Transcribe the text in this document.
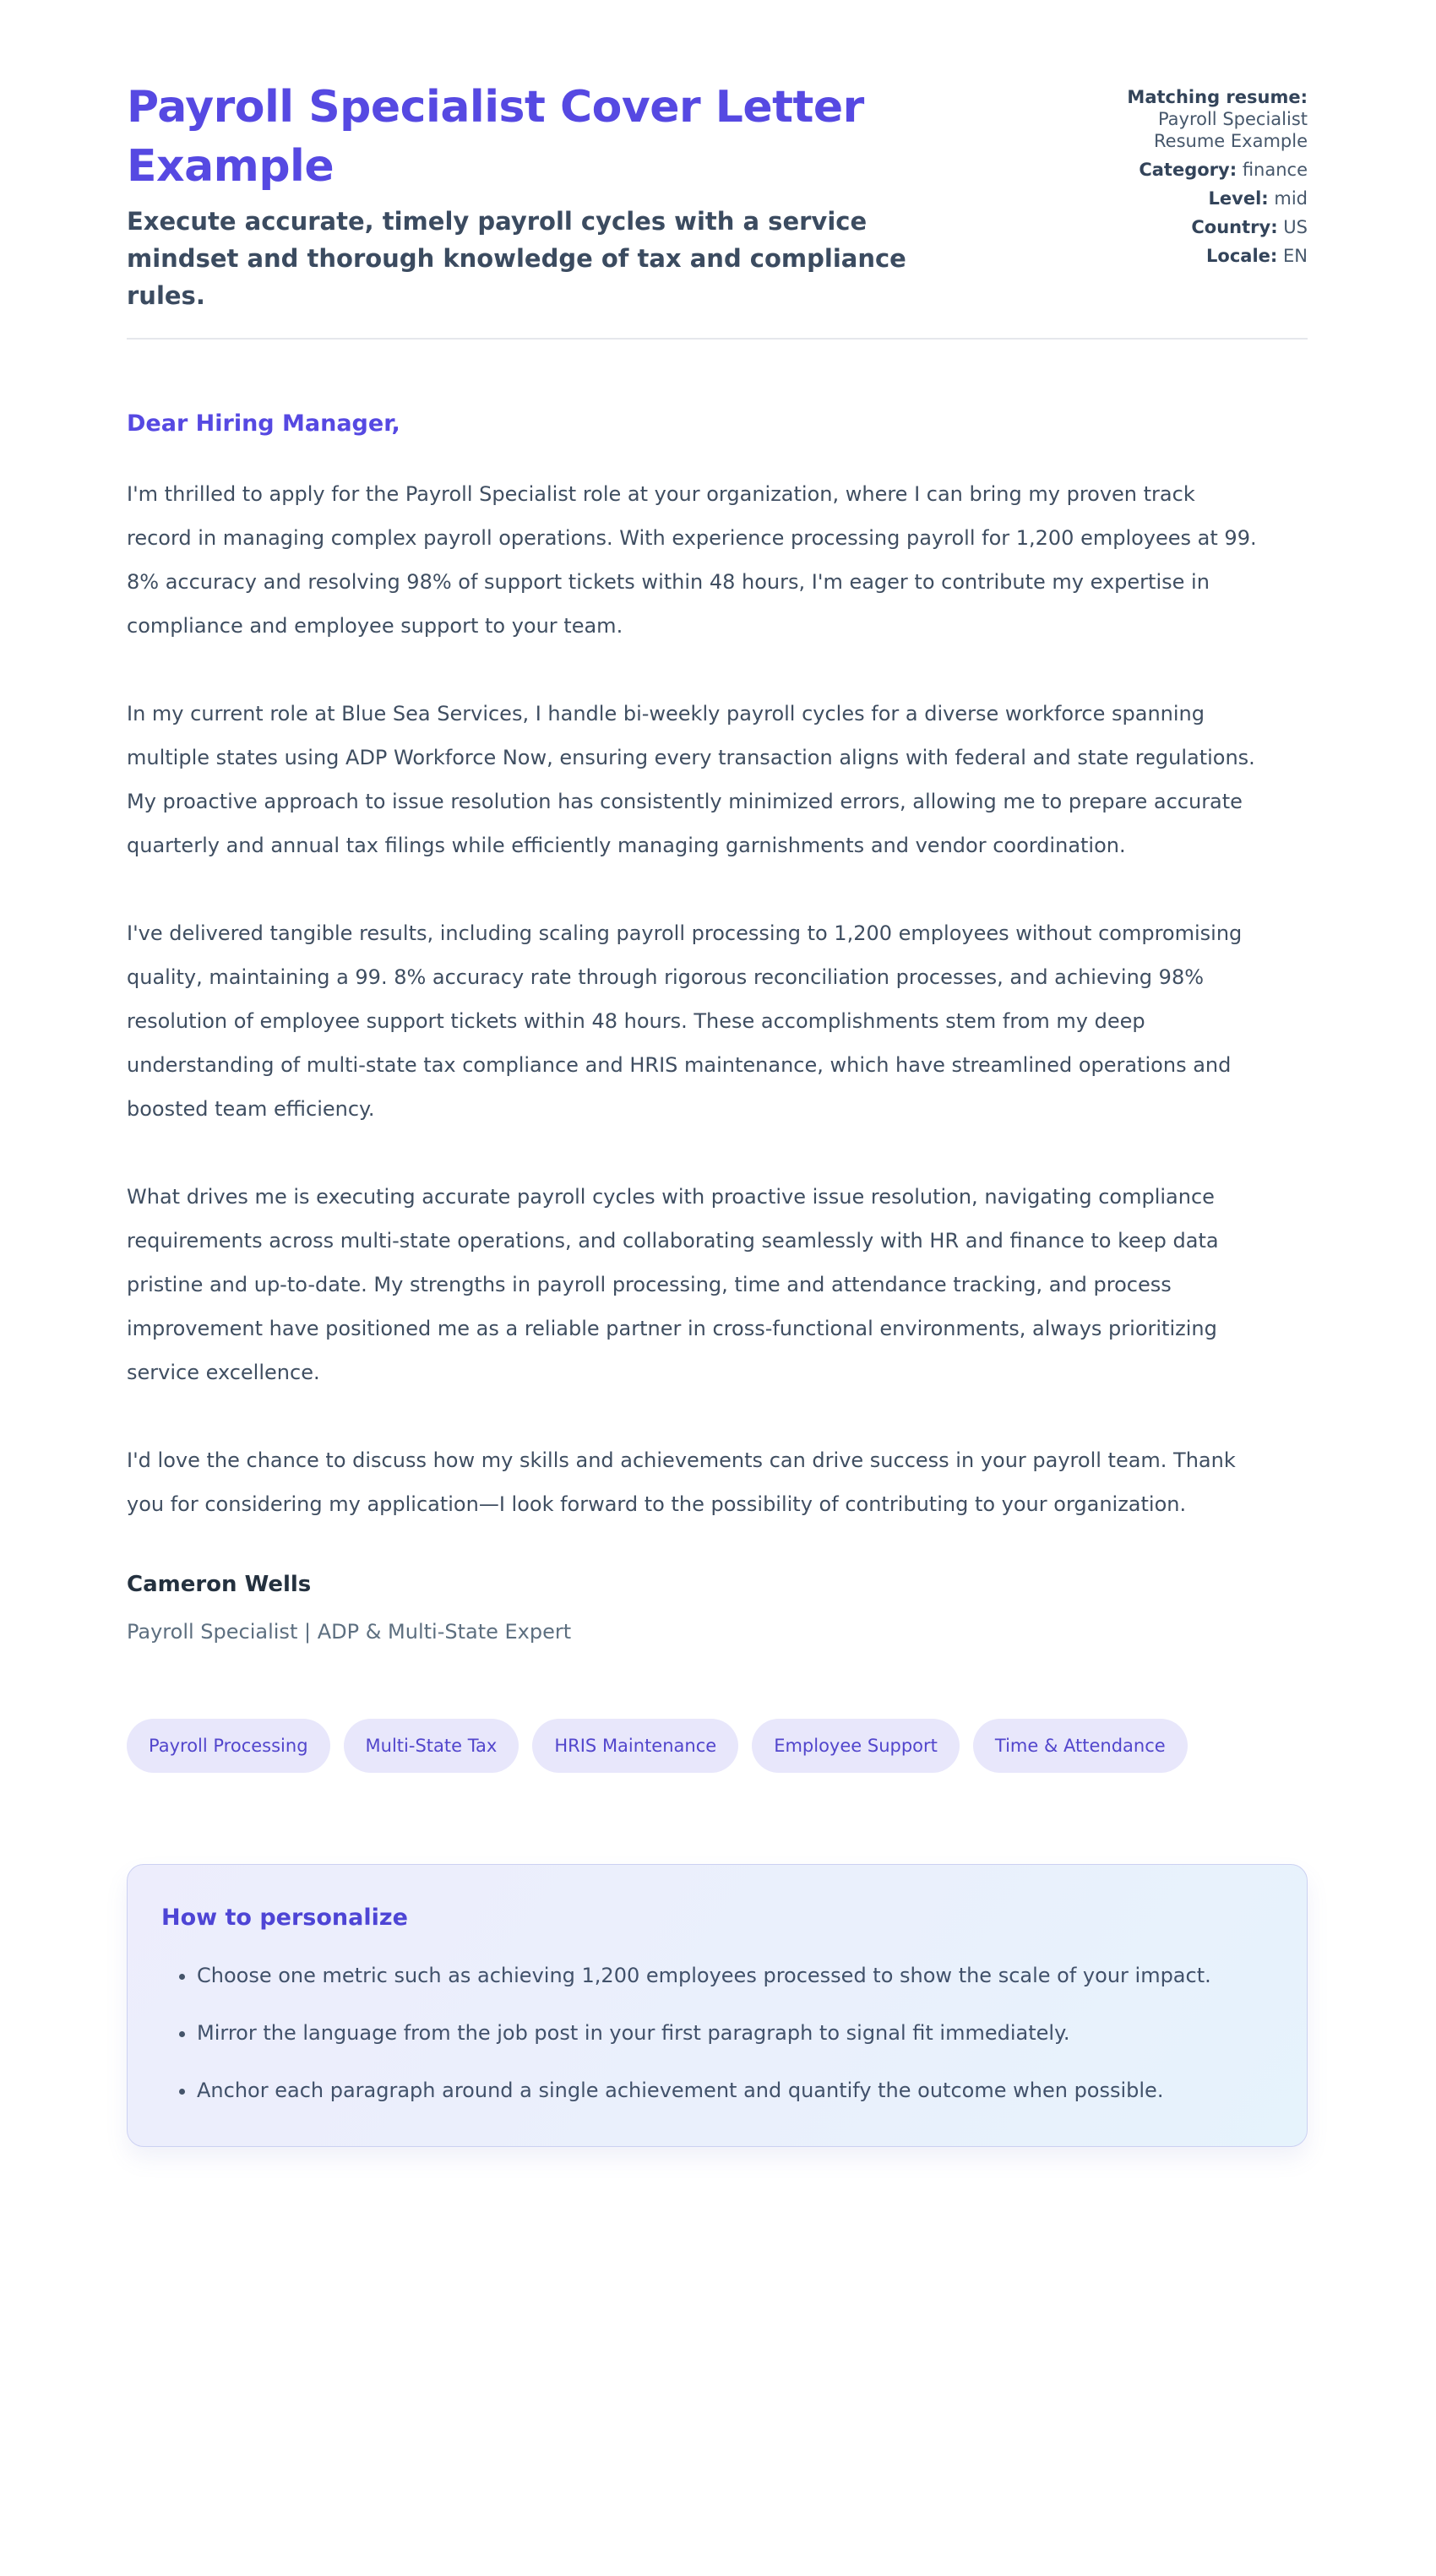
Payroll Specialist Cover Letter Example
Execute accurate, timely payroll cycles with a service mindset and thorough knowledge of tax and compliance rules.
Matching resume:
Payroll Specialist Resume Example
Category: finance
Level: mid
Country: US
Locale: EN
Dear Hiring Manager,

I'm thrilled to apply for the Payroll Specialist role at your organization, where I can bring my proven track record in managing complex payroll operations. With experience processing payroll for 1,200 employees at 99. 8% accuracy and resolving 98% of support tickets within 48 hours, I'm eager to contribute my expertise in compliance and employee support to your team.

In my current role at Blue Sea Services, I handle bi-weekly payroll cycles for a diverse workforce spanning multiple states using ADP Workforce Now, ensuring every transaction aligns with federal and state regulations. My proactive approach to issue resolution has consistently minimized errors, allowing me to prepare accurate quarterly and annual tax filings while efficiently managing garnishments and vendor coordination.

I've delivered tangible results, including scaling payroll processing to 1,200 employees without compromising quality, maintaining a 99. 8% accuracy rate through rigorous reconciliation processes, and achieving 98% resolution of employee support tickets within 48 hours. These accomplishments stem from my deep understanding of multi-state tax compliance and HRIS maintenance, which have streamlined operations and boosted team efficiency.

What drives me is executing accurate payroll cycles with proactive issue resolution, navigating compliance requirements across multi-state operations, and collaborating seamlessly with HR and finance to keep data pristine and up-to-date. My strengths in payroll processing, time and attendance tracking, and process improvement have positioned me as a reliable partner in cross-functional environments, always prioritizing service excellence.

I'd love the chance to discuss how my skills and achievements can drive success in your payroll team. Thank you for considering my application—I look forward to the possibility of contributing to your organization.

Cameron Wells
Payroll Specialist | ADP & Multi-State Expert
Payroll Processing	Multi-State Tax	HRIS Maintenance	Employee Support	Time & Attendance
How to personalize
• Choose one metric such as achieving 1,200 employees processed to show the scale of your impact.
• Mirror the language from the job post in your first paragraph to signal fit immediately.
• Anchor each paragraph around a single achievement and quantify the outcome when possible.
